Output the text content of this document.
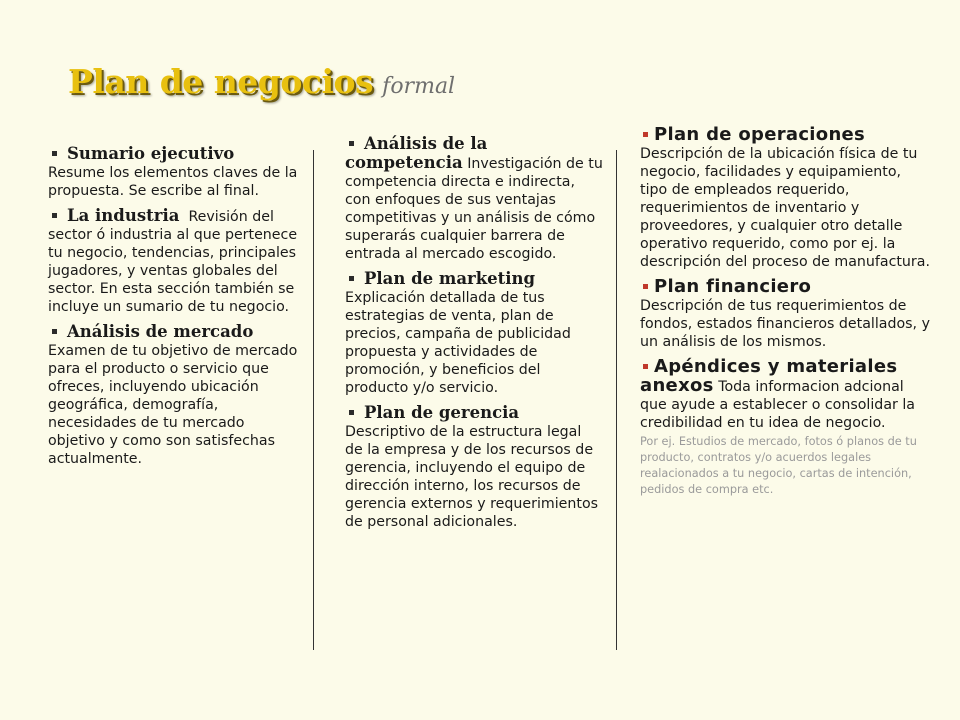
Plan de negocios formal
Sumario ejecutivo
Resume los elementos claves de la propuesta. Se escribe al final.
La industria Revisión del sector ó industria al que pertenece tu negocio, tendencias, principales jugadores, y ventas globales del sector. En esta sección también se incluye un sumario de tu negocio.
Análisis de mercado
Examen de tu objetivo de mercado para el producto o servicio que ofreces, incluyendo ubicación geográfica, demografía, necesidades de tu mercado objetivo y como son satisfechas actualmente.
Análisis de la competencia Investigación de tu competencia directa e indirecta, con enfoques de sus ventajas competitivas y un análisis de cómo superarás cualquier barrera de entrada al mercado escogido.
Plan de marketing
Explicación detallada de tus estrategias de venta, plan de precios, campaña de publicidad propuesta y actividades de promoción, y beneficios del producto y/o servicio.
Plan de gerencia
Descriptivo de la estructura legal de la empresa y de los recursos de gerencia, incluyendo el equipo de dirección interno, los recursos de gerencia externos y requerimientos de personal adicionales.
Plan de operaciones
Descripción de la ubicación física de tu negocio, facilidades y equipamiento, tipo de empleados requerido, requerimientos de inventario y proveedores, y cualquier otro detalle operativo requerido, como por ej. la descripción del proceso de manufactura.
Plan financiero
Descripción de tus requerimientos de fondos, estados financieros detallados, y un análisis de los mismos.
Apéndices y materiales anexos Toda informacion adcional que ayude a establecer o consolidar la credibilidad en tu idea de negocio.
Por ej. Estudios de mercado, fotos ó planos de tu producto, contratos y/o acuerdos legales realacionados a tu negocio, cartas de intención, pedidos de compra etc.
